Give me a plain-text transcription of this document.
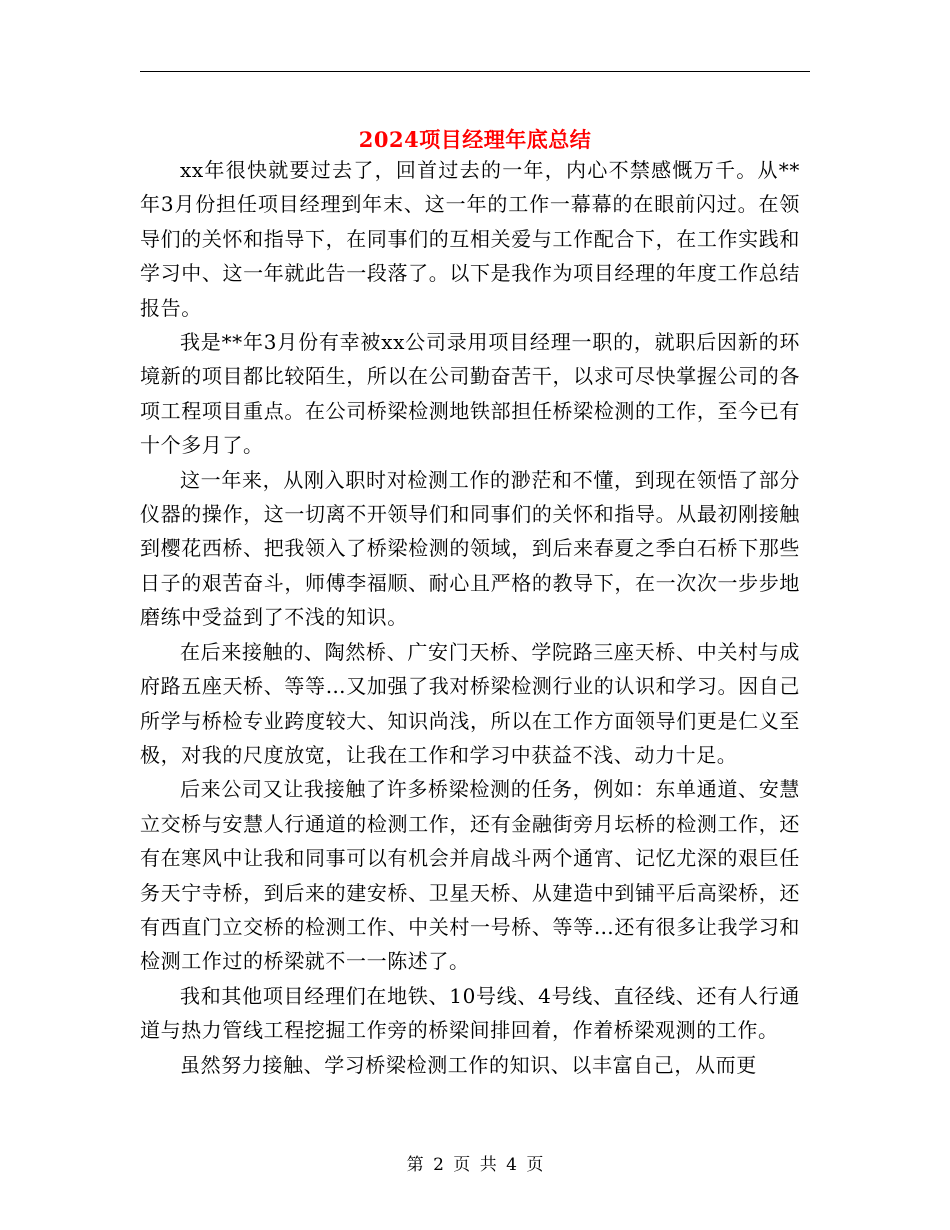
2024项目经理年底总结

xx年很快就要过去了，回首过去的一年，内心不禁感慨万千。从**年3月份担任项目经理到年末、这一年的工作一幕幕的在眼前闪过。在领导们的关怀和指导下，在同事们的互相关爱与工作配合下，在工作实践和学习中、这一年就此告一段落了。以下是我作为项目经理的年度工作总结报告。

我是**年3月份有幸被xx公司录用项目经理一职的，就职后因新的环境新的项目都比较陌生，所以在公司勤奋苦干，以求可尽快掌握公司的各项工程项目重点。在公司桥梁检测地铁部担任桥梁检测的工作，至今已有十个多月了。

这一年来，从刚入职时对检测工作的渺茫和不懂，到现在领悟了部分仪器的操作，这一切离不开领导们和同事们的关怀和指导。从最初刚接触到樱花西桥、把我领入了桥梁检测的领域，到后来春夏之季白石桥下那些日子的艰苦奋斗，师傅李福顺、耐心且严格的教导下，在一次次一步步地磨练中受益到了不浅的知识。

在后来接触的、陶然桥、广安门天桥、学院路三座天桥、中关村与成府路五座天桥、等等…又加强了我对桥梁检测行业的认识和学习。因自己所学与桥检专业跨度较大、知识尚浅，所以在工作方面领导们更是仁义至极，对我的尺度放宽，让我在工作和学习中获益不浅、动力十足。

后来公司又让我接触了许多桥梁检测的任务，例如：东单通道、安慧立交桥与安慧人行通道的检测工作，还有金融街旁月坛桥的检测工作，还有在寒风中让我和同事可以有机会并肩战斗两个通宵、记忆尤深的艰巨任务天宁寺桥，到后来的建安桥、卫星天桥、从建造中到铺平后高梁桥，还有西直门立交桥的检测工作、中关村一号桥、等等…还有很多让我学习和检测工作过的桥梁就不一一陈述了。

我和其他项目经理们在地铁、10号线、4号线、直径线、还有人行通道与热力管线工程挖掘工作旁的桥梁间排回着，作着桥梁观测的工作。

虽然努力接触、学习桥梁检测工作的知识、以丰富自己，从而更

第 2 页 共 4 页
